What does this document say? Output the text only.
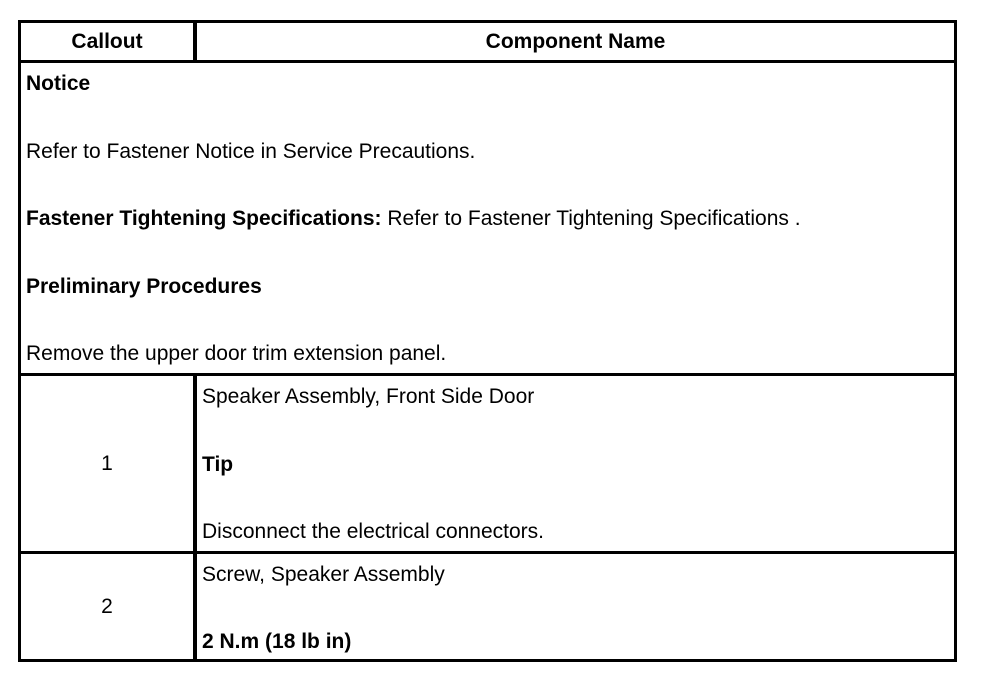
Callout	Component Name
Notice
Refer to Fastener Notice in Service Precautions.
Fastener Tightening Specifications: Refer to Fastener Tightening Specifications .
Preliminary Procedures
Remove the upper door trim extension panel.
1
Speaker Assembly, Front Side Door
Tip
Disconnect the electrical connectors.
2
Screw, Speaker Assembly
2 N.m (18 lb in)
